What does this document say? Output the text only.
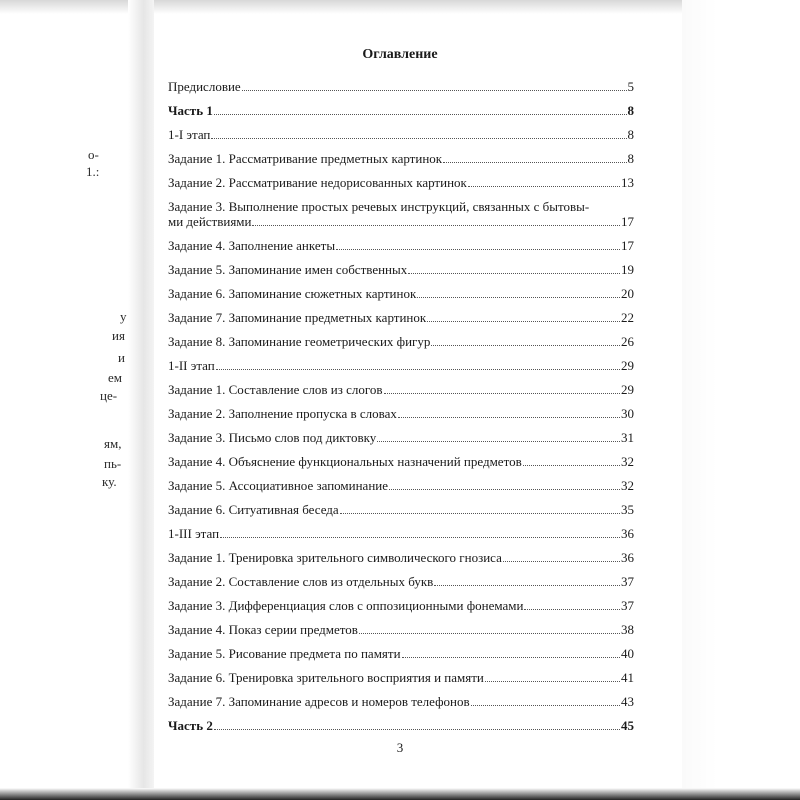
о-
1.:
у
ия
и
ем
це-
ям,
пь-
ку.
Оглавление
Предисловие	5
Часть 1	8
1-I этап	8
Задание 1. Рассматривание предметных картинок	8
Задание 2. Рассматривание недорисованных картинок	13
Задание 3. Выполнение простых речевых инструкций, связанных с бытовы-
ми действиями	17
Задание 4. Заполнение анкеты	17
Задание 5. Запоминание имен собственных	19
Задание 6. Запоминание сюжетных картинок	20
Задание 7. Запоминание предметных картинок	22
Задание 8. Запоминание геометрических фигур	26
1-II этап	29
Задание 1. Составление слов из слогов	29
Задание 2. Заполнение пропуска в словах	30
Задание 3. Письмо слов под диктовку	31
Задание 4. Объяснение функциональных назначений предметов	32
Задание 5. Ассоциативное запоминание	32
Задание 6. Ситуативная беседа	35
1-III этап	36
Задание 1. Тренировка зрительного символического гнозиса	36
Задание 2. Составление слов из отдельных букв	37
Задание 3. Дифференциация слов с оппозиционными фонемами	37
Задание 4. Показ серии предметов	38
Задание 5. Рисование предмета по памяти	40
Задание 6. Тренировка зрительного восприятия и памяти	41
Задание 7. Запоминание адресов и номеров телефонов	43
Часть 2	45
3
